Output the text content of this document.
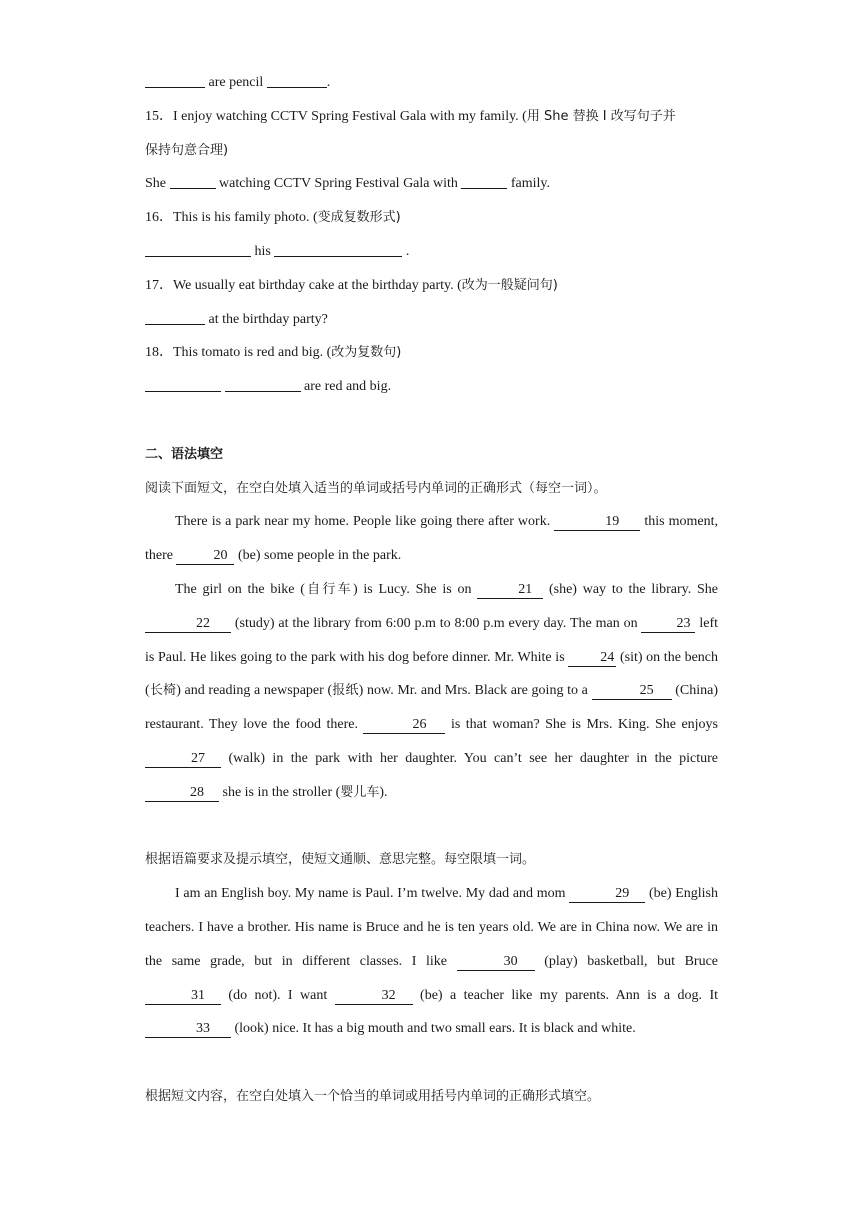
are pencil	.
15．I enjoy watching CCTV Spring Festival Gala with my family. (用 She 替换 I 改写句子并
保持句意合理)
She	watching CCTV Spring Festival Gala with	family.
16．This is his family photo. (变成复数形式)
his	.
17．We usually eat birthday cake at the birthday party. (改为一般疑问句)
at the birthday party?
18．This tomato is red and big. (改为复数句)
are red and big.
二、语法填空
阅读下面短文，在空白处填入适当的单词或括号内单词的正确形式（每空一词）。
There is a park near my home. People like going there after work.	19 this moment, there	20 (be) some people in the park.
The girl on the bike (自行车) is Lucy. She is on	21 (she) way to the library. She 22 (study) at the library from 6:00 p.m to 8:00 p.m every day. The man on	23 left is Paul. He likes going to the park with his dog before dinner. Mr. White is	24 (sit) on the bench (长椅) and reading a newspaper (报纸) now. Mr. and Mrs. Black are going to a	25 (China) restaurant. They love the food there.	26 is that woman? She is Mrs. King. She enjoys 27 (walk) in the park with her daughter. You can’t see her daughter in the picture 28 she is in the stroller (婴儿车).
根据语篇要求及提示填空，使短文通顺、意思完整。每空限填一词。
I am an English boy. My name is Paul. I’m twelve. My dad and mom	29 (be) English teachers. I have a brother. His name is Bruce and he is ten years old. We are in China now. We are in the same grade, but in different classes. I like	30 (play) basketball, but Bruce 31 (do not). I want	32 (be) a teacher like my parents. Ann is a dog. It 33 (look) nice. It has a big mouth and two small ears. It is black and white.
根据短文内容，在空白处填入一个恰当的单词或用括号内单词的正确形式填空。
